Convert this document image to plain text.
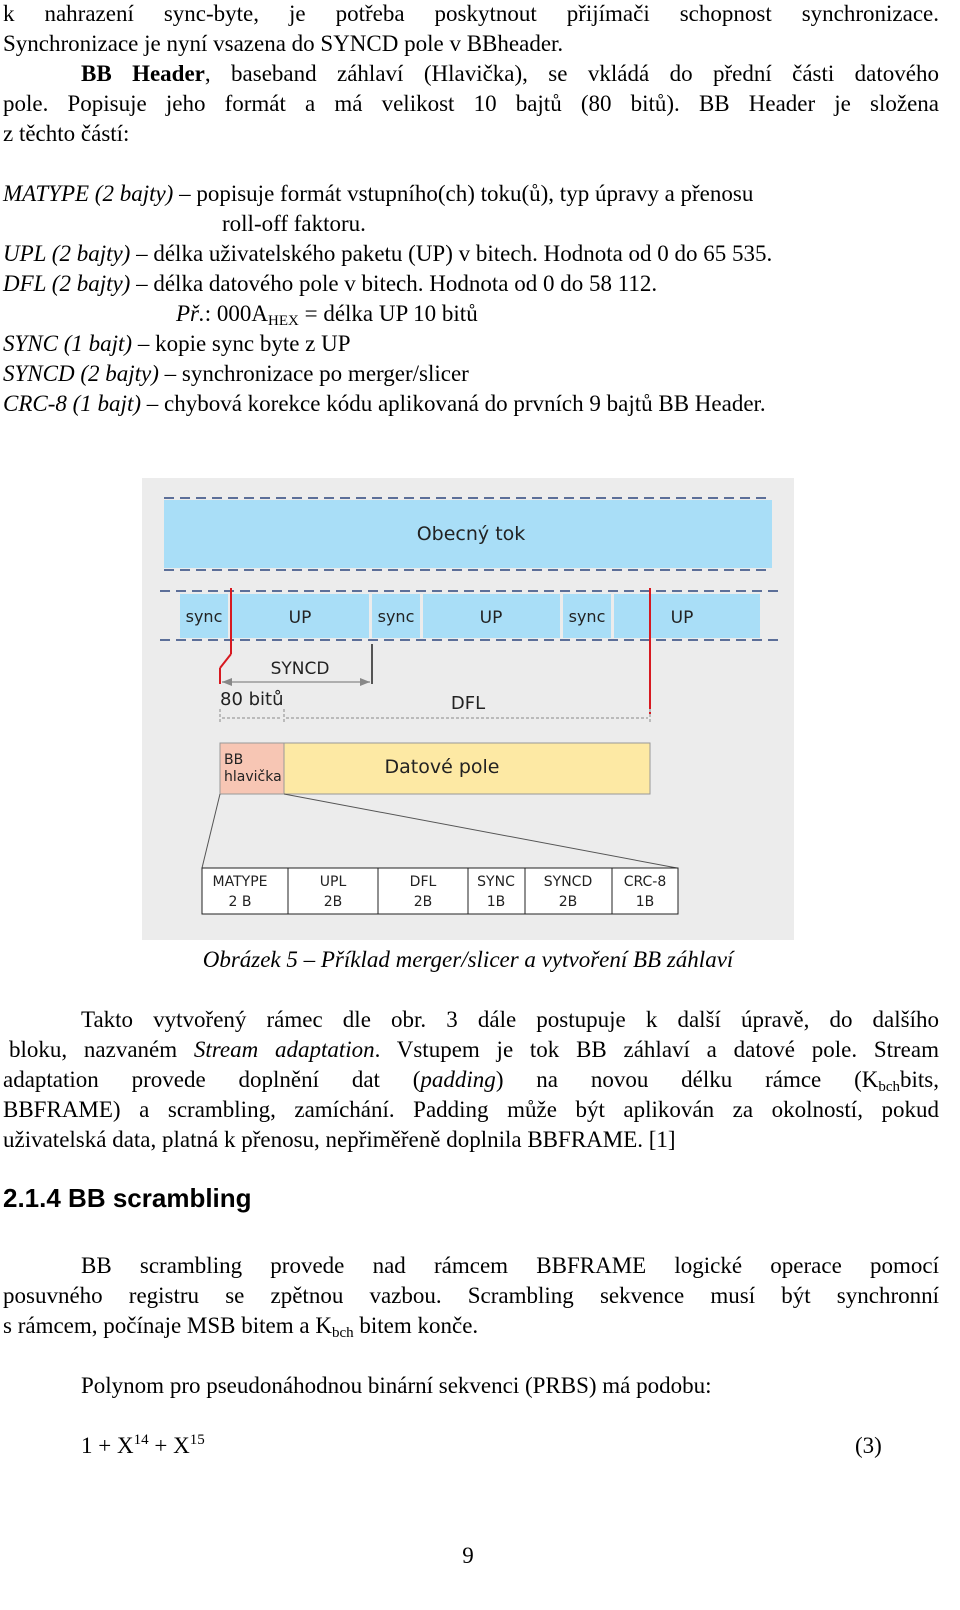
k nahrazení sync-byte, je potřeba poskytnout přijímači schopnost synchronizace.
Synchronizace je nyní vsazena do SYNCD pole v BBheader.
BB Header, baseband záhlaví (Hlavička), se vkládá do přední části datového
pole. Popisuje jeho formát a má velikost 10 bajtů (80 bitů). BB Header je složena
z těchto částí:
MATYPE (2 bajty) – popisuje formát vstupního(ch) toku(ů), typ úpravy a přenosu
roll-off faktoru.
UPL (2 bajty) – délka uživatelského paketu (UP) v bitech. Hodnota od 0 do 65 535.
DFL (2 bajty) – délka datového pole v bitech. Hodnota od 0 do 58 112.
Př.: $000A_{HEX}$ = délka UP 10 bitů
SYNC (1 bajt) – kopie sync byte z UP
SYNCD (2 bajty) – synchronizace po merger/slicer
CRC-8 (1 bajt) – chybová korekce kódu aplikovaná do prvních 9 bajtů BB Header.
Obecný tok
sync	UP	sync	UP	sync	UP
SYNCD
80 bitů	DFL
BB
hlavička	Datové pole
MATYPE
2 B
UPL
2B
DFL
2B
SYNC
1B
SYNCD
2B
CRC-8
1B
Obrázek 5 – Příklad merger/slicer a vytvoření BB záhlaví
Takto vytvořený rámec dle obr. 3 dále postupuje k další úpravě, do dalšího
bloku, nazvaném Stream adaptation. Vstupem je tok BB záhlaví a datové pole. Stream
adaptation provede doplnění dat (padding) na novou délku rámce ($K_{bch}bits$,
BBFRAME) a scrambling, zamíchání. Padding může být aplikován za okolností, pokud
uživatelská data, platná k přenosu, nepřiměřeně doplnila BBFRAME. [1]
2.1.4 BB scrambling
BB scrambling provede nad rámcem BBFRAME logické operace pomocí
posuvného registru se zpětnou vazbou. Scrambling sekvence musí být synchronní
s rámcem, počínaje MSB bitem a $K_{bch}$ bitem konče.
Polynom pro pseudonáhodnou binární sekvenci (PRBS) má podobu:
$1 + X^{14} + X^{15}$	(3)
9
